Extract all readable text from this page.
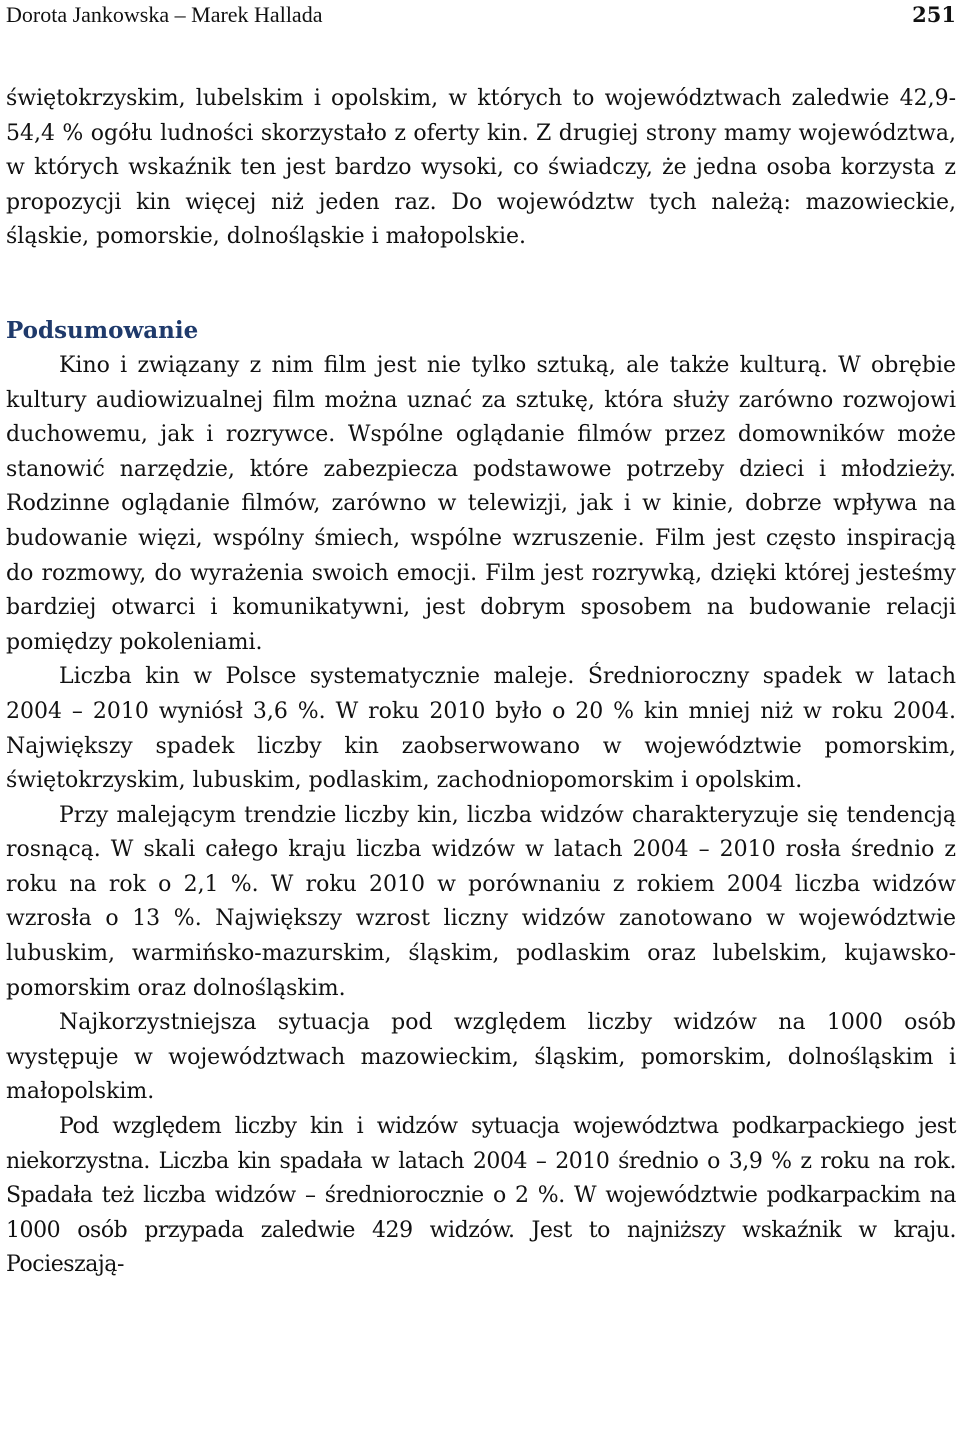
Dorota Jankowska – Marek Hallada	251

świętokrzyskim, lubelskim i opolskim, w których to województwach zaledwie 42,9-54,4 % ogółu ludności skorzystało z oferty kin. Z drugiej strony mamy województwa, w których wskaźnik ten jest bardzo wysoki, co świadczy, że jedna osoba korzysta z propozycji kin więcej niż jeden raz. Do województw tych należą: mazowieckie, śląskie, pomorskie, dolnośląskie i małopolskie.

Podsumowanie

Kino i związany z nim film jest nie tylko sztuką, ale także kulturą. W obrębie kultury audiowizualnej film można uznać za sztukę, która służy zarówno rozwojowi duchowemu, jak i rozrywce. Wspólne oglądanie filmów przez domowników może stanowić narzędzie, które zabezpiecza podstawowe potrzeby dzieci i młodzieży. Rodzinne oglądanie filmów, zarówno w telewizji, jak i w kinie, dobrze wpływa na budowanie więzi, wspólny śmiech, wspólne wzruszenie. Film jest często inspiracją do rozmowy, do wyrażenia swoich emocji. Film jest rozrywką, dzięki której jesteśmy bardziej otwarci i komunikatywni, jest dobrym sposobem na budowanie relacji pomiędzy pokoleniami.

Liczba kin w Polsce systematycznie maleje. Średnioroczny spadek w latach 2004 – 2010 wyniósł 3,6 %. W roku 2010 było o 20 % kin mniej niż w roku 2004. Największy spadek liczby kin zaobserwowano w województwie pomorskim, świętokrzyskim, lubuskim, podlaskim, zachodniopomorskim i opolskim.

Przy malejącym trendzie liczby kin, liczba widzów charakteryzuje się tendencją rosnącą. W skali całego kraju liczba widzów w latach 2004 – 2010 rosła średnio z roku na rok o 2,1 %. W roku 2010 w porównaniu z rokiem 2004 liczba widzów wzrosła o 13 %. Największy wzrost liczny widzów zanotowano w województwie lubuskim, warmińsko-mazurskim, śląskim, podlaskim oraz lubelskim, kujawsko-pomorskim oraz dolnośląskim.

Najkorzystniejsza sytuacja pod względem liczby widzów na 1000 osób występuje w województwach mazowieckim, śląskim, pomorskim, dolnośląskim i małopolskim.

Pod względem liczby kin i widzów sytuacja województwa podkarpackiego jest niekorzystna. Liczba kin spadała w latach 2004 – 2010 średnio o 3,9 % z roku na rok. Spadała też liczba widzów – średniorocznie o 2 %. W województwie podkarpackim na 1000 osób przypada zaledwie 429 widzów. Jest to najniższy wskaźnik w kraju. Pocieszają-
